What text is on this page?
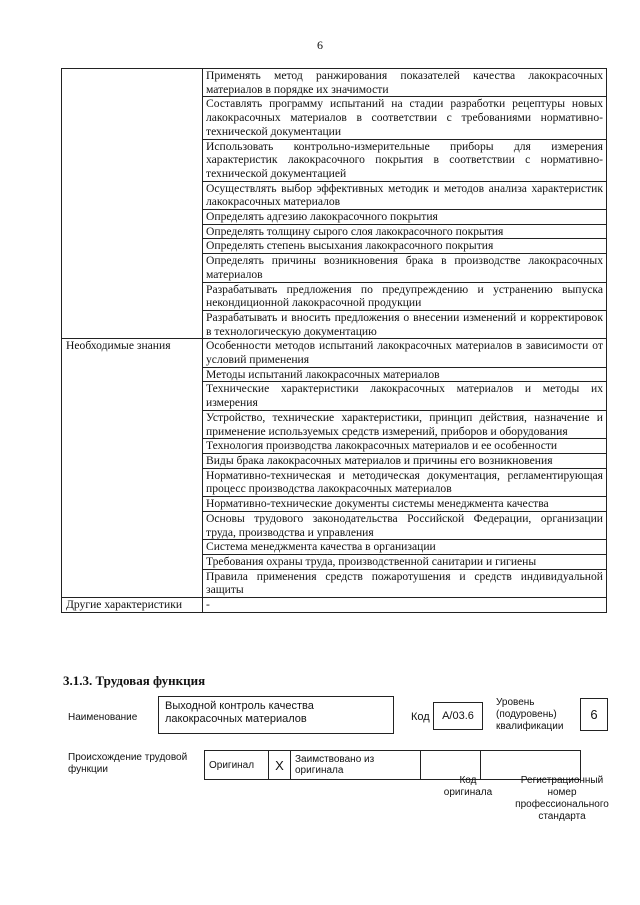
6
	Применять метод ранжирования показателей качества лакокрасочных материалов в порядке их значимости
	Составлять программу испытаний на стадии разработки рецептуры новых лакокрасочных материалов в соответствии с требованиями нормативно-технической документации
	Использовать контрольно-измерительные приборы для измерения характеристик лакокрасочного покрытия в соответствии с нормативно-технической документацией
	Осуществлять выбор эффективных методик и методов анализа характеристик лакокрасочных материалов
	Определять адгезию лакокрасочного покрытия
	Определять толщину сырого слоя лакокрасочного покрытия
	Определять степень высыхания лакокрасочного покрытия
	Определять причины возникновения брака в производстве лакокрасочных материалов
	Разрабатывать предложения по предупреждению и устранению выпуска некондиционной лакокрасочной продукции
	Разрабатывать и вносить предложения о внесении изменений и корректировок в технологическую документацию
Необходимые знания	Особенности методов испытаний лакокрасочных материалов в зависимости от условий применения
	Методы испытаний лакокрасочных материалов
	Технические характеристики лакокрасочных материалов и методы их измерения
	Устройство, технические характеристики, принцип действия, назначение и применение используемых средств измерений, приборов и оборудования
	Технология производства лакокрасочных материалов и ее особенности
	Виды брака лакокрасочных материалов и причины его возникновения
	Нормативно-техническая и методическая документация, регламентирующая процесс производства лакокрасочных материалов
	Нормативно-технические документы системы менеджмента качества
	Основы трудового законодательства Российской Федерации, организации труда, производства и управления
	Система менеджмента качества в организации
	Требования охраны труда, производственной санитарии и гигиены
	Правила применения средств пожаротушения и средств индивидуальной защиты
Другие характеристики	-
3.1.3. Трудовая функция
Наименование
Выходной контроль качества лакокрасочных материалов	Код	A/03.6
Уровень (подуровень) квалификации
6
Происхождение трудовой функции	Оригинал	X	Заимствовано из оригинала		
Код оригинала
Регистрационный номер профессионального стандарта
